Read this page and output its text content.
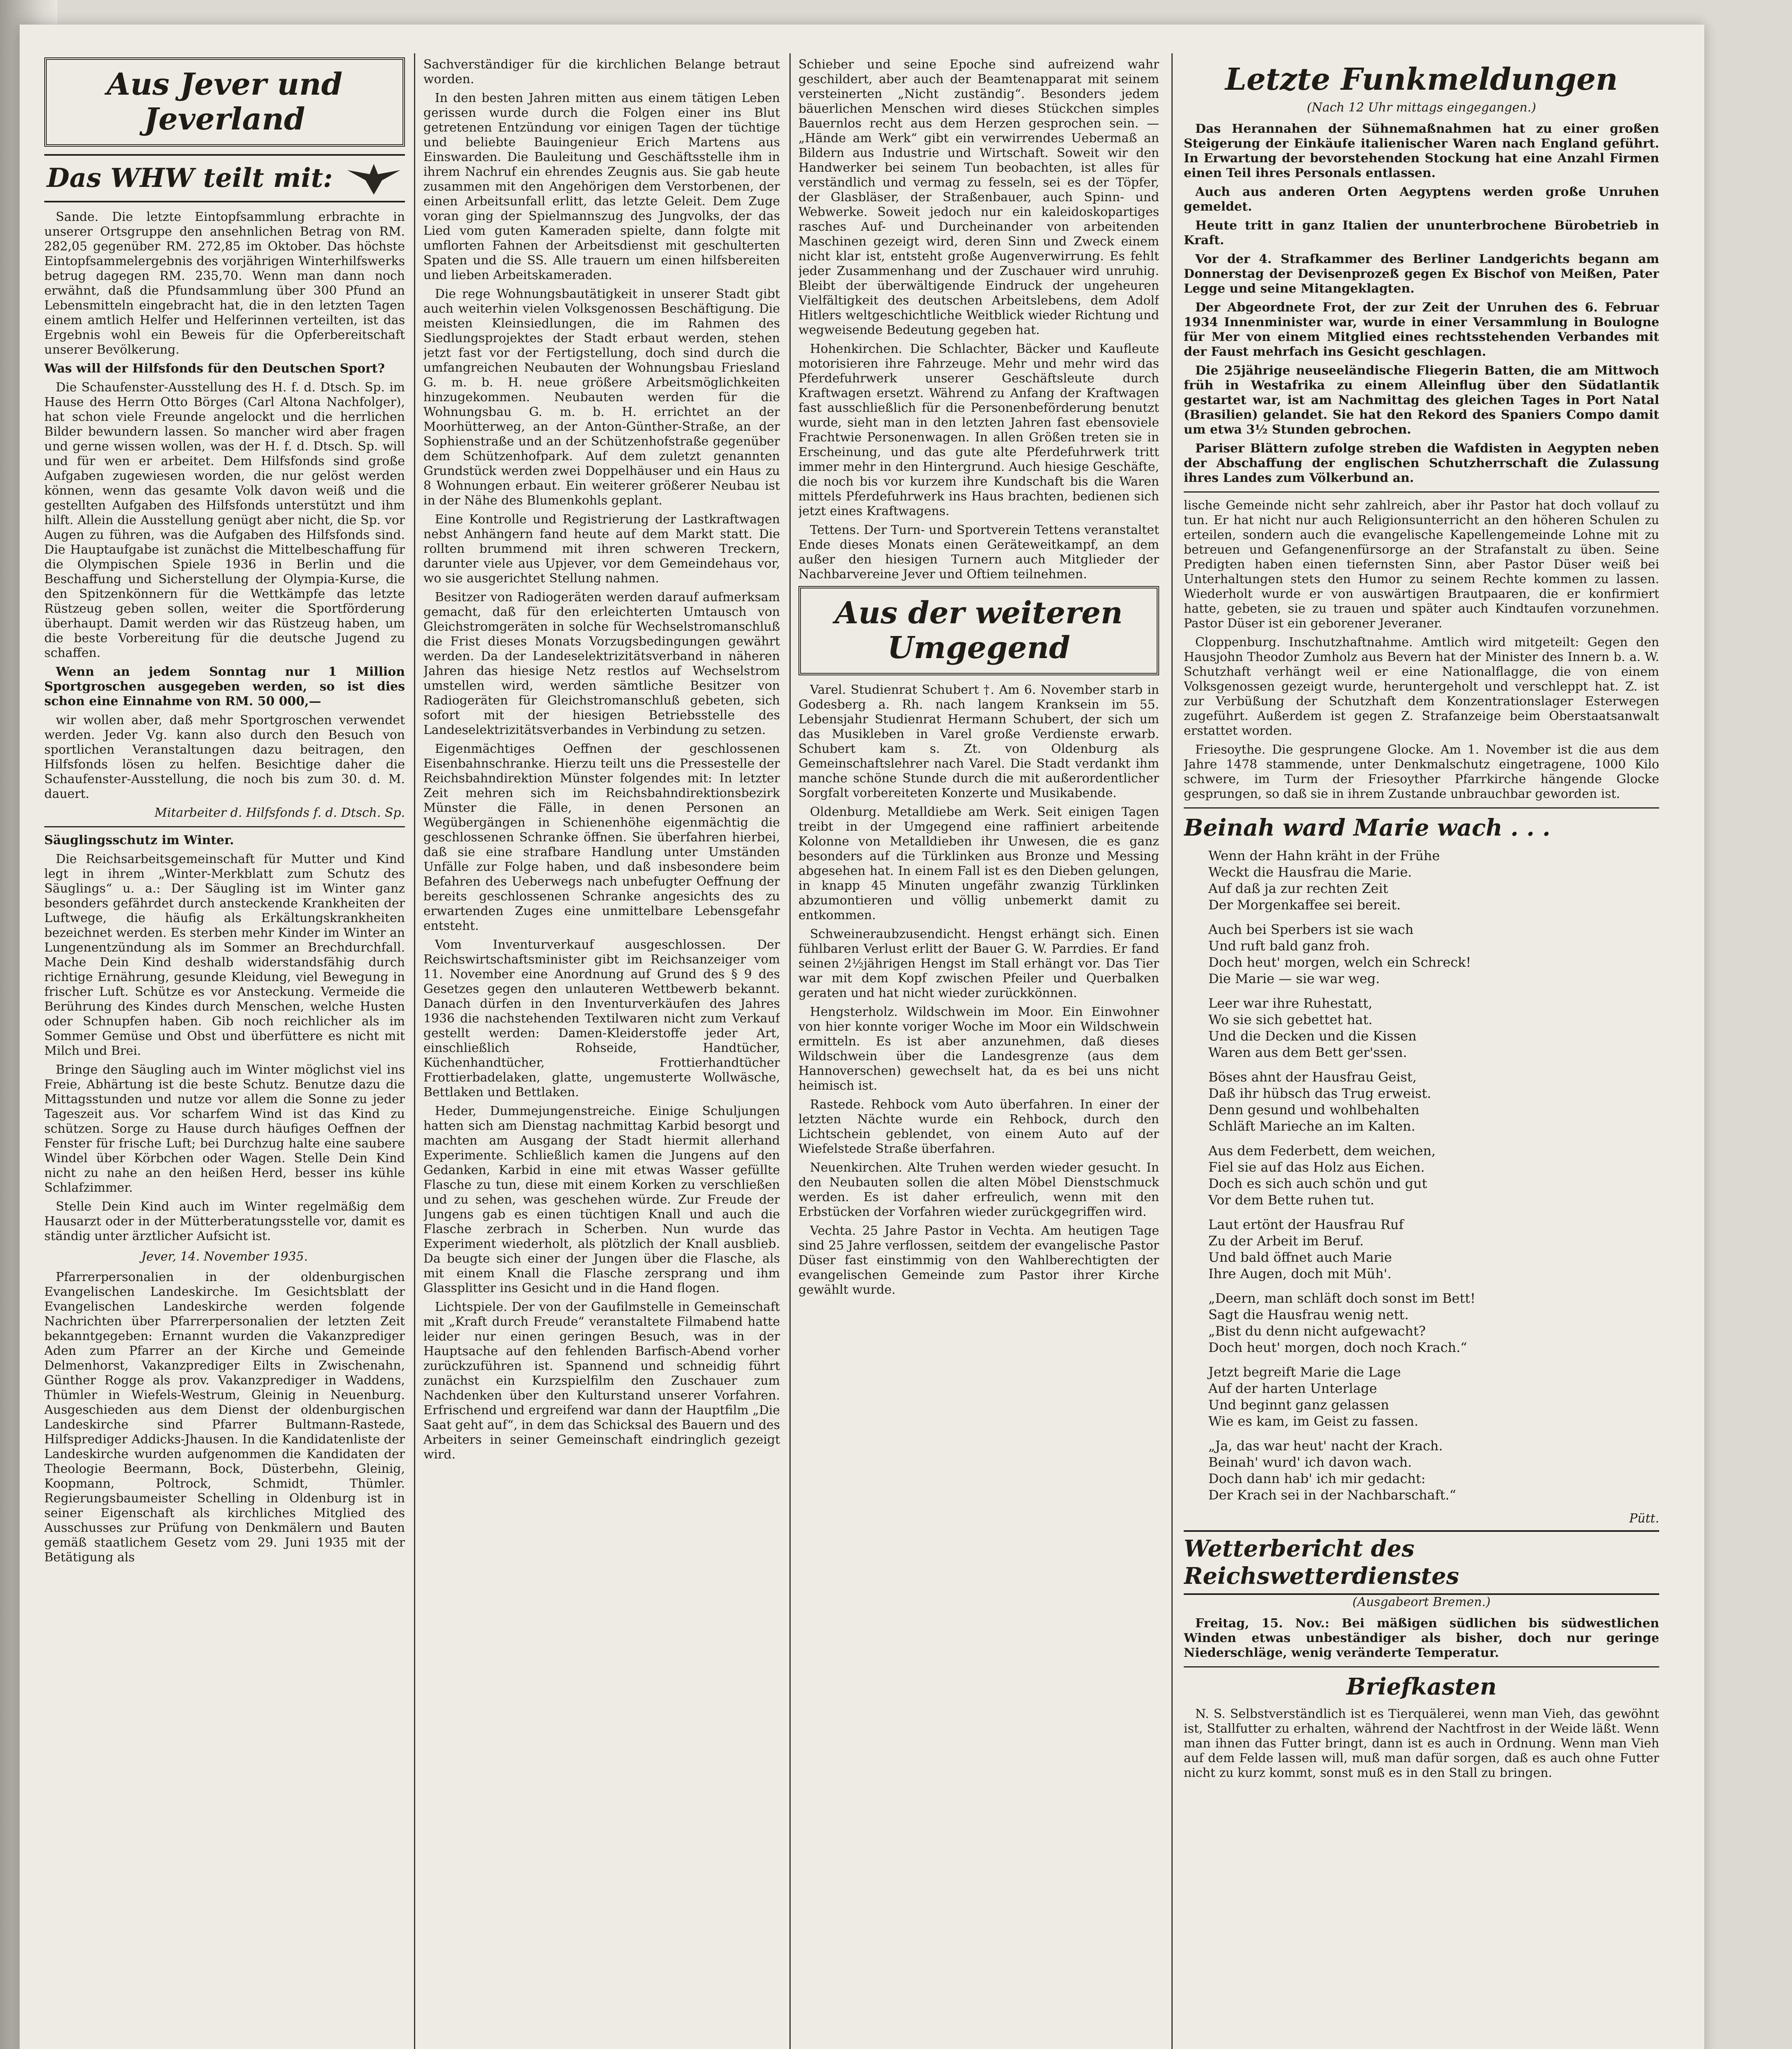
Aus Jever und Jeverland
Das WHW teilt mit:

Sande. Die letzte Eintopfsammlung erbrachte in unserer Ortsgruppe den ansehnlichen Betrag von RM. 282,05 gegenüber RM. 272,85 im Oktober. Das höchste Eintopfsammelergebnis des vorjährigen Winterhilfswerks betrug dagegen RM. 235,70. Wenn man dann noch erwähnt, daß die Pfundsammlung über 300 Pfund an Lebensmitteln eingebracht hat, die in den letzten Tagen einem amtlich Helfer und Helferinnen verteilten, ist das Ergebnis wohl ein Beweis für die Opferbereitschaft unserer Bevölkerung.

Was will der Hilfsfonds für den Deutschen Sport?

Die Schaufenster-Ausstellung des H. f. d. Dtsch. Sp. im Hause des Herrn Otto Börges (Carl Altona Nachfolger), hat schon viele Freunde angelockt und die herrlichen Bilder bewundern lassen. So mancher wird aber fragen und gerne wissen wollen, was der H. f. d. Dtsch. Sp. will und für wen er arbeitet. Dem Hilfsfonds sind große Aufgaben zugewiesen worden, die nur gelöst werden können, wenn das gesamte Volk davon weiß und die gestellten Aufgaben des Hilfsfonds unterstützt und ihm hilft. Allein die Ausstellung genügt aber nicht, die Sp. vor Augen zu führen, was die Aufgaben des Hilfsfonds sind. Die Hauptaufgabe ist zunächst die Mittelbeschaffung für die Olympischen Spiele 1936 in Berlin und die Beschaffung und Sicherstellung der Olympia-Kurse, die den Spitzenkönnern für die Wettkämpfe das letzte Rüstzeug geben sollen, weiter die Sportförderung überhaupt. Damit werden wir das Rüstzeug haben, um die beste Vorbereitung für die deutsche Jugend zu schaffen.

Wenn an jedem Sonntag nur 1 Million Sportgroschen ausgegeben werden, so ist dies schon eine Einnahme von RM. 50 000,—

wir wollen aber, daß mehr Sportgroschen verwendet werden. Jeder Vg. kann also durch den Besuch von sportlichen Veranstaltungen dazu beitragen, den Hilfsfonds lösen zu helfen. Besichtige daher die Schaufenster-Ausstellung, die noch bis zum 30. d. M. dauert.

Mitarbeiter d. Hilfsfonds f. d. Dtsch. Sp.

Säuglingsschutz im Winter.

Die Reichsarbeitsgemeinschaft für Mutter und Kind legt in ihrem „Winter-Merkblatt zum Schutz des Säuglings“ u. a.: Der Säugling ist im Winter ganz besonders gefährdet durch ansteckende Krankheiten der Luftwege, die häufig als Erkältungskrankheiten bezeichnet werden. Es sterben mehr Kinder im Winter an Lungenentzündung als im Sommer an Brechdurchfall. Mache Dein Kind deshalb widerstandsfähig durch richtige Ernährung, gesunde Kleidung, viel Bewegung in frischer Luft. Schütze es vor Ansteckung. Vermeide die Berührung des Kindes durch Menschen, welche Husten oder Schnupfen haben. Gib noch reichlicher als im Sommer Gemüse und Obst und überfüttere es nicht mit Milch und Brei.

Bringe den Säugling auch im Winter möglichst viel ins Freie, Abhärtung ist die beste Schutz. Benutze dazu die Mittagsstunden und nutze vor allem die Sonne zu jeder Tageszeit aus. Vor scharfem Wind ist das Kind zu schützen. Sorge zu Hause durch häufiges Oeffnen der Fenster für frische Luft; bei Durchzug halte eine saubere Windel über Körbchen oder Wagen. Stelle Dein Kind nicht zu nahe an den heißen Herd, besser ins kühle Schlafzimmer.

Stelle Dein Kind auch im Winter regelmäßig dem Hausarzt oder in der Mütterberatungsstelle vor, damit es ständig unter ärztlicher Aufsicht ist.

Jever, 14. November 1935.

Pfarrerpersonalien in der oldenburgischen Evangelischen Landeskirche. Im Gesichtsblatt der Evangelischen Landeskirche werden folgende Nachrichten über Pfarrerpersonalien der letzten Zeit bekanntgegeben: Ernannt wurden die Vakanzprediger Aden zum Pfarrer an der Kirche und Gemeinde Delmenhorst, Vakanzprediger Eilts in Zwischenahn, Günther Rogge als prov. Vakanzprediger in Waddens, Thümler in Wiefels-Westrum, Gleinig in Neuenburg. Ausgeschieden aus dem Dienst der oldenburgischen Landeskirche sind Pfarrer Bultmann-Rastede, Hilfsprediger Addicks-Jhausen. In die Kandidatenliste der Landeskirche wurden aufgenommen die Kandidaten der Theologie Beermann, Bock, Düsterbehn, Gleinig, Koopmann, Poltrock, Schmidt, Thümler. Regierungsbaumeister Schelling in Oldenburg ist in seiner Eigenschaft als kirchliches Mitglied des Ausschusses zur Prüfung von Denkmälern und Bauten gemäß staatlichem Gesetz vom 29. Juni 1935 mit der Betätigung als

Sachverständiger für die kirchlichen Belange betraut worden.

In den besten Jahren mitten aus einem tätigen Leben gerissen wurde durch die Folgen einer ins Blut getretenen Entzündung vor einigen Tagen der tüchtige und beliebte Bauingenieur Erich Martens aus Einswarden. Die Bauleitung und Geschäftsstelle ihm in ihrem Nachruf ein ehrendes Zeugnis aus. Sie gab heute zusammen mit den Angehörigen dem Verstorbenen, der einen Arbeitsunfall erlitt, das letzte Geleit. Dem Zuge voran ging der Spielmannszug des Jungvolks, der das Lied vom guten Kameraden spielte, dann folgte mit umflorten Fahnen der Arbeitsdienst mit geschulterten Spaten und die SS. Alle trauern um einen hilfsbereiten und lieben Arbeitskameraden.

Die rege Wohnungsbautätigkeit in unserer Stadt gibt auch weiterhin vielen Volksgenossen Beschäftigung. Die meisten Kleinsiedlungen, die im Rahmen des Siedlungsprojektes der Stadt erbaut werden, stehen jetzt fast vor der Fertigstellung, doch sind durch die umfangreichen Neubauten der Wohnungsbau Friesland G. m. b. H. neue größere Arbeitsmöglichkeiten hinzugekommen. Neubauten werden für die Wohnungsbau G. m. b. H. errichtet an der Moorhütterweg, an der Anton-Günther-Straße, an der Sophienstraße und an der Schützenhofstraße gegenüber dem Schützenhofpark. Auf dem zuletzt genannten Grundstück werden zwei Doppelhäuser und ein Haus zu 8 Wohnungen erbaut. Ein weiterer größerer Neubau ist in der Nähe des Blumenkohls geplant.

Eine Kontrolle und Registrierung der Lastkraftwagen nebst Anhängern fand heute auf dem Markt statt. Die rollten brummend mit ihren schweren Treckern, darunter viele aus Upjever, vor dem Gemeindehaus vor, wo sie ausgerichtet Stellung nahmen.

Besitzer von Radiogeräten werden darauf aufmerksam gemacht, daß für den erleichterten Umtausch von Gleichstromgeräten in solche für Wechselstromanschluß die Frist dieses Monats Vorzugsbedingungen gewährt werden. Da der Landeselektrizitätsverband in näheren Jahren das hiesige Netz restlos auf Wechselstrom umstellen wird, werden sämtliche Besitzer von Radiogeräten für Gleichstromanschluß gebeten, sich sofort mit der hiesigen Betriebsstelle des Landeselektrizitätsverbandes in Verbindung zu setzen.

Eigenmächtiges Oeffnen der geschlossenen Eisenbahnschranke. Hierzu teilt uns die Pressestelle der Reichsbahndirektion Münster folgendes mit: In letzter Zeit mehren sich im Reichsbahndirektionsbezirk Münster die Fälle, in denen Personen an Wegübergängen in Schienenhöhe eigenmächtig die geschlossenen Schranke öffnen. Sie überfahren hierbei, daß sie eine strafbare Handlung unter Umständen Unfälle zur Folge haben, und daß insbesondere beim Befahren des Ueberwegs nach unbefugter Oeffnung der bereits geschlossenen Schranke angesichts des zu erwartenden Zuges eine unmittelbare Lebensgefahr entsteht.

Vom Inventurverkauf ausgeschlossen. Der Reichswirtschaftsminister gibt im Reichsanzeiger vom 11. November eine Anordnung auf Grund des § 9 des Gesetzes gegen den unlauteren Wettbewerb bekannt. Danach dürfen in den Inventurverkäufen des Jahres 1936 die nachstehenden Textilwaren nicht zum Verkauf gestellt werden: Damen-Kleiderstoffe jeder Art, einschließlich Rohseide, Handtücher, Küchenhandtücher, Frottierhandtücher Frottierbadelaken, glatte, ungemusterte Wollwäsche, Bettlaken und Bettlaken.

Heder, Dummejungenstreiche. Einige Schuljungen hatten sich am Dienstag nachmittag Karbid besorgt und machten am Ausgang der Stadt hiermit allerhand Experimente. Schließlich kamen die Jungens auf den Gedanken, Karbid in eine mit etwas Wasser gefüllte Flasche zu tun, diese mit einem Korken zu verschließen und zu sehen, was geschehen würde. Zur Freude der Jungens gab es einen tüchtigen Knall und auch die Flasche zerbrach in Scherben. Nun wurde das Experiment wiederholt, als plötzlich der Knall ausblieb. Da beugte sich einer der Jungen über die Flasche, als mit einem Knall die Flasche zersprang und ihm Glassplitter ins Gesicht und in die Hand flogen.

Lichtspiele. Der von der Gaufilmstelle in Gemeinschaft mit „Kraft durch Freude“ veranstaltete Filmabend hatte leider nur einen geringen Besuch, was in der Hauptsache auf den fehlenden Barfisch-Abend vorher zurückzuführen ist. Spannend und schneidig führt zunächst ein Kurzspielfilm den Zuschauer zum Nachdenken über den Kulturstand unserer Vorfahren. Erfrischend und ergreifend war dann der Hauptfilm „Die Saat geht auf“, in dem das Schicksal des Bauern und des Arbeiters in seiner Gemeinschaft eindringlich gezeigt wird.

Schieber und seine Epoche sind aufreizend wahr geschildert, aber auch der Beamtenapparat mit seinem versteinerten „Nicht zuständig“. Besonders jedem bäuerlichen Menschen wird dieses Stückchen simples Bauernlos recht aus dem Herzen gesprochen sein. — „Hände am Werk“ gibt ein verwirrendes Uebermaß an Bildern aus Industrie und Wirtschaft. Soweit wir den Handwerker bei seinem Tun beobachten, ist alles für verständlich und vermag zu fesseln, sei es der Töpfer, der Glasbläser, der Straßenbauer, auch Spinn- und Webwerke. Soweit jedoch nur ein kaleidoskopartiges rasches Auf- und Durcheinander von arbeitenden Maschinen gezeigt wird, deren Sinn und Zweck einem nicht klar ist, entsteht große Augenverwirrung. Es fehlt jeder Zusammenhang und der Zuschauer wird unruhig. Bleibt der überwältigende Eindruck der ungeheuren Vielfältigkeit des deutschen Arbeitslebens, dem Adolf Hitlers weltgeschichtliche Weitblick wieder Richtung und wegweisende Bedeutung gegeben hat.

Hohenkirchen. Die Schlachter, Bäcker und Kaufleute motorisieren ihre Fahrzeuge. Mehr und mehr wird das Pferdefuhrwerk unserer Geschäftsleute durch Kraftwagen ersetzt. Während zu Anfang der Kraftwagen fast ausschließlich für die Personenbeförderung benutzt wurde, sieht man in den letzten Jahren fast ebensoviele Frachtwie Personenwagen. In allen Größen treten sie in Erscheinung, und das gute alte Pferdefuhrwerk tritt immer mehr in den Hintergrund. Auch hiesige Geschäfte, die noch bis vor kurzem ihre Kundschaft bis die Waren mittels Pferdefuhrwerk ins Haus brachten, bedienen sich jetzt eines Kraftwagens.

Tettens. Der Turn- und Sportverein Tettens veranstaltet Ende dieses Monats einen Geräteweitkampf, an dem außer den hiesigen Turnern auch Mitglieder der Nachbarvereine Jever und Oftiem teilnehmen.

Aus der weiteren Umgegend

Varel. Studienrat Schubert †. Am 6. November starb in Godesberg a. Rh. nach langem Kranksein im 55. Lebensjahr Studienrat Hermann Schubert, der sich um das Musikleben in Varel große Verdienste erwarb. Schubert kam s. Zt. von Oldenburg als Gemeinschaftslehrer nach Varel. Die Stadt verdankt ihm manche schöne Stunde durch die mit außerordentlicher Sorgfalt vorbereiteten Konzerte und Musikabende.

Oldenburg. Metalldiebe am Werk. Seit einigen Tagen treibt in der Umgegend eine raffiniert arbeitende Kolonne von Metalldieben ihr Unwesen, die es ganz besonders auf die Türklinken aus Bronze und Messing abgesehen hat. In einem Fall ist es den Dieben gelungen, in knapp 45 Minuten ungefähr zwanzig Türklinken abzumontieren und völlig unbemerkt damit zu entkommen.

Schweineraubzusendicht. Hengst erhängt sich. Einen fühlbaren Verlust erlitt der Bauer G. W. Parrdies. Er fand seinen 2½jährigen Hengst im Stall erhängt vor. Das Tier war mit dem Kopf zwischen Pfeiler und Querbalken geraten und hat nicht wieder zurückkönnen.

Hengsterholz. Wildschwein im Moor. Ein Einwohner von hier konnte voriger Woche im Moor ein Wildschwein ermitteln. Es ist aber anzunehmen, daß dieses Wildschwein über die Landesgrenze (aus dem Hannoverschen) gewechselt hat, da es bei uns nicht heimisch ist.

Rastede. Rehbock vom Auto überfahren. In einer der letzten Nächte wurde ein Rehbock, durch den Lichtschein geblendet, von einem Auto auf der Wiefelstede Straße überfahren.

Neuenkirchen. Alte Truhen werden wieder gesucht. In den Neubauten sollen die alten Möbel Dienstschmuck werden. Es ist daher erfreulich, wenn mit den Erbstücken der Vorfahren wieder zurückgegriffen wird.

Vechta. 25 Jahre Pastor in Vechta. Am heutigen Tage sind 25 Jahre verflossen, seitdem der evangelische Pastor Düser fast einstimmig von den Wahlberechtigten der evangelischen Gemeinde zum Pastor ihrer Kirche gewählt wurde.

Letzte Funkmeldungen
(Nach 12 Uhr mittags eingegangen.)

Das Herannahen der Sühnemaßnahmen hat zu einer großen Steigerung der Einkäufe italienischer Waren nach England geführt. In Erwartung der bevorstehenden Stockung hat eine Anzahl Firmen einen Teil ihres Personals entlassen.

Auch aus anderen Orten Aegyptens werden große Unruhen gemeldet.

Heute tritt in ganz Italien der ununterbrochene Bürobetrieb in Kraft.

Vor der 4. Strafkammer des Berliner Landgerichts begann am Donnerstag der Devisenprozeß gegen Ex Bischof von Meißen, Pater Legge und seine Mitangeklagten.

Der Abgeordnete Frot, der zur Zeit der Unruhen des 6. Februar 1934 Innenminister war, wurde in einer Versammlung in Boulogne für Mer von einem Mitglied eines rechtsstehenden Verbandes mit der Faust mehrfach ins Gesicht geschlagen.

Die 25jährige neuseeländische Fliegerin Batten, die am Mittwoch früh in Westafrika zu einem Alleinflug über den Südatlantik gestartet war, ist am Nachmittag des gleichen Tages in Port Natal (Brasilien) gelandet. Sie hat den Rekord des Spaniers Compo damit um etwa 3½ Stunden gebrochen.

Pariser Blättern zufolge streben die Wafdisten in Aegypten neben der Abschaffung der englischen Schutzherrschaft die Zulassung ihres Landes zum Völkerbund an.

lische Gemeinde nicht sehr zahlreich, aber ihr Pastor hat doch vollauf zu tun. Er hat nicht nur auch Religionsunterricht an den höheren Schulen zu erteilen, sondern auch die evangelische Kapellengemeinde Lohne mit zu betreuen und Gefangenenfürsorge an der Strafanstalt zu üben. Seine Predigten haben einen tiefernsten Sinn, aber Pastor Düser weiß bei Unterhaltungen stets den Humor zu seinem Rechte kommen zu lassen. Wiederholt wurde er von auswärtigen Brautpaaren, die er konfirmiert hatte, gebeten, sie zu trauen und später auch Kindtaufen vorzunehmen. Pastor Düser ist ein geborener Jeveraner.

Cloppenburg. Inschutzhaftnahme. Amtlich wird mitgeteilt: Gegen den Hausjohn Theodor Zumholz aus Bevern hat der Minister des Innern b. a. W. Schutzhaft verhängt weil er eine Nationalflagge, die von einem Volksgenossen gezeigt wurde, heruntergeholt und verschleppt hat. Z. ist zur Verbüßung der Schutzhaft dem Konzentrationslager Esterwegen zugeführt. Außerdem ist gegen Z. Strafanzeige beim Oberstaatsanwalt erstattet worden.

Friesoythe. Die gesprungene Glocke. Am 1. November ist die aus dem Jahre 1478 stammende, unter Denkmalschutz eingetragene, 1000 Kilo schwere, im Turm der Friesoyther Pfarrkirche hängende Glocke gesprungen, so daß sie in ihrem Zustande unbrauchbar geworden ist.

Beinah ward Marie wach . . .
Wenn der Hahn kräht in der Frühe
Weckt die Hausfrau die Marie.
Auf daß ja zur rechten Zeit
Der Morgenkaffee sei bereit.
Auch bei Sperbers ist sie wach
Und ruft bald ganz froh.
Doch heut' morgen, welch ein Schreck!
Die Marie — sie war weg.
Leer war ihre Ruhestatt,
Wo sie sich gebettet hat.
Und die Decken und die Kissen
Waren aus dem Bett ger'ssen.
Böses ahnt der Hausfrau Geist,
Daß ihr hübsch das Trug erweist.
Denn gesund und wohlbehalten
Schläft Marieche an im Kalten.
Aus dem Federbett, dem weichen,
Fiel sie auf das Holz aus Eichen.
Doch es sich auch schön und gut
Vor dem Bette ruhen tut.
Laut ertönt der Hausfrau Ruf
Zu der Arbeit im Beruf.
Und bald öffnet auch Marie
Ihre Augen, doch mit Müh'.
„Deern, man schläft doch sonst im Bett!
Sagt die Hausfrau wenig nett.
„Bist du denn nicht aufgewacht?
Doch heut' morgen, doch noch Krach.“
Jetzt begreift Marie die Lage
Auf der harten Unterlage
Und beginnt ganz gelassen
Wie es kam, im Geist zu fassen.
„Ja, das war heut' nacht der Krach.
Beinah' wurd' ich davon wach.
Doch dann hab' ich mir gedacht:
Der Krach sei in der Nachbarschaft.“

Pütt.

Wetterbericht des Reichswetterdienstes
(Ausgabeort Bremen.)

Freitag, 15. Nov.: Bei mäßigen südlichen bis südwestlichen Winden etwas unbeständiger als bisher, doch nur geringe Niederschläge, wenig veränderte Temperatur.

Briefkasten

N. S. Selbstverständlich ist es Tierquälerei, wenn man Vieh, das gewöhnt ist, Stallfutter zu erhalten, während der Nachtfrost in der Weide läßt. Wenn man ihnen das Futter bringt, dann ist es auch in Ordnung. Wenn man Vieh auf dem Felde lassen will, muß man dafür sorgen, daß es auch ohne Futter nicht zu kurz kommt, sonst muß es in den Stall zu bringen.
